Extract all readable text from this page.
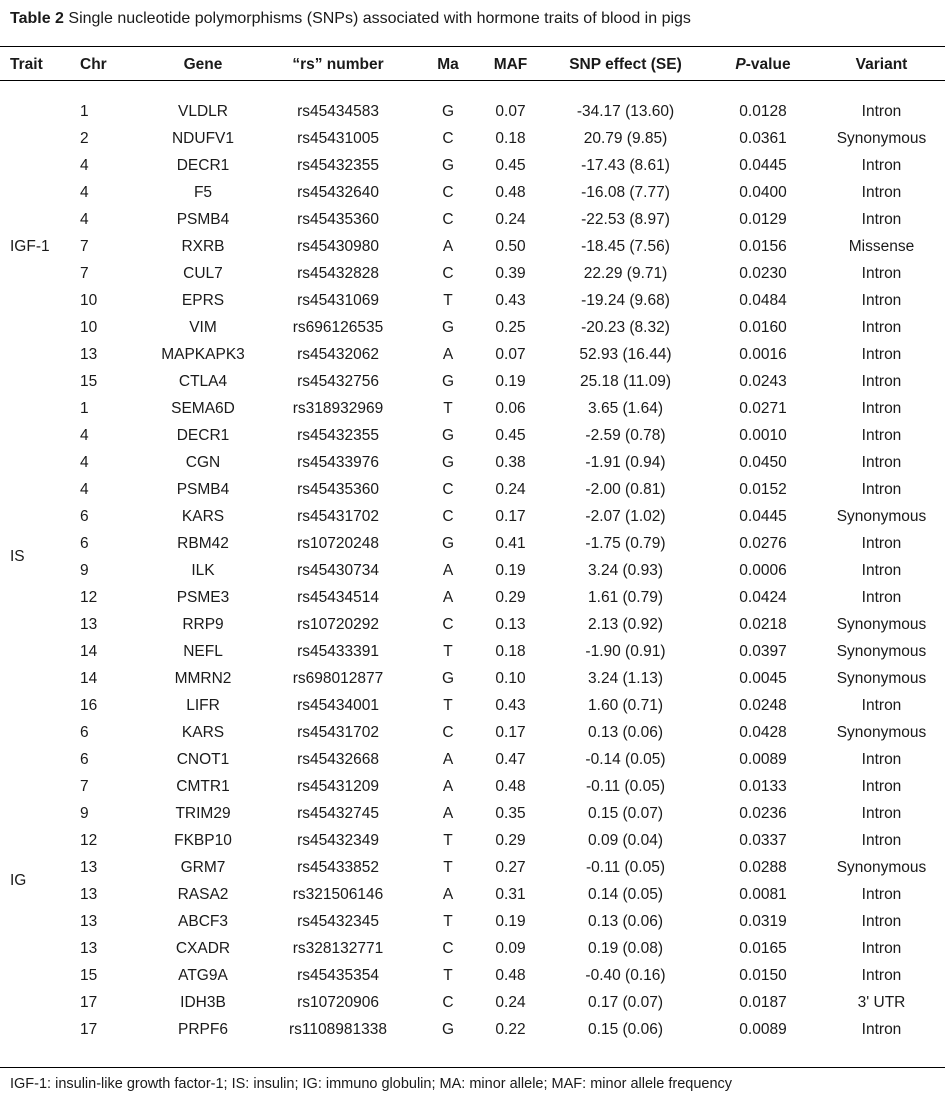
Table 2 Single nucleotide polymorphisms (SNPs) associated with hormone traits of blood in pigs
Trait	Chr	Gene	“rs” number	Ma	MAF	SNP effect (SE)	P-value	Variant

IGF-1	1	VLDLR	rs45434583	G	0.07	-34.17 (13.60)	0.0128	Intron
	2	NDUFV1	rs45431005	C	0.18	20.79 (9.85)	0.0361	Synonymous
	4	DECR1	rs45432355	G	0.45	-17.43 (8.61)	0.0445	Intron
	4	F5	rs45432640	C	0.48	-16.08 (7.77)	0.0400	Intron
	4	PSMB4	rs45435360	C	0.24	-22.53 (8.97)	0.0129	Intron
	7	RXRB	rs45430980	A	0.50	-18.45 (7.56)	0.0156	Missense
	7	CUL7	rs45432828	C	0.39	22.29 (9.71)	0.0230	Intron
	10	EPRS	rs45431069	T	0.43	-19.24 (9.68)	0.0484	Intron
	10	VIM	rs696126535	G	0.25	-20.23 (8.32)	0.0160	Intron
	13	MAPKAPK3	rs45432062	A	0.07	52.93 (16.44)	0.0016	Intron
	15	CTLA4	rs45432756	G	0.19	25.18 (11.09)	0.0243	Intron
IS	1	SEMA6D	rs318932969	T	0.06	3.65 (1.64)	0.0271	Intron
	4	DECR1	rs45432355	G	0.45	-2.59 (0.78)	0.0010	Intron
	4	CGN	rs45433976	G	0.38	-1.91 (0.94)	0.0450	Intron
	4	PSMB4	rs45435360	C	0.24	-2.00 (0.81)	0.0152	Intron
	6	KARS	rs45431702	C	0.17	-2.07 (1.02)	0.0445	Synonymous
	6	RBM42	rs10720248	G	0.41	-1.75 (0.79)	0.0276	Intron
	9	ILK	rs45430734	A	0.19	3.24 (0.93)	0.0006	Intron
	12	PSME3	rs45434514	A	0.29	1.61 (0.79)	0.0424	Intron
	13	RRP9	rs10720292	C	0.13	2.13 (0.92)	0.0218	Synonymous
	14	NEFL	rs45433391	T	0.18	-1.90 (0.91)	0.0397	Synonymous
	14	MMRN2	rs698012877	G	0.10	3.24 (1.13)	0.0045	Synonymous
	16	LIFR	rs45434001	T	0.43	1.60 (0.71)	0.0248	Intron
IG	6	KARS	rs45431702	C	0.17	0.13 (0.06)	0.0428	Synonymous
	6	CNOT1	rs45432668	A	0.47	-0.14 (0.05)	0.0089	Intron
	7	CMTR1	rs45431209	A	0.48	-0.11 (0.05)	0.0133	Intron
	9	TRIM29	rs45432745	A	0.35	0.15 (0.07)	0.0236	Intron
	12	FKBP10	rs45432349	T	0.29	0.09 (0.04)	0.0337	Intron
	13	GRM7	rs45433852	T	0.27	-0.11 (0.05)	0.0288	Synonymous
	13	RASA2	rs321506146	A	0.31	0.14 (0.05)	0.0081	Intron
	13	ABCF3	rs45432345	T	0.19	0.13 (0.06)	0.0319	Intron
	13	CXADR	rs328132771	C	0.09	0.19 (0.08)	0.0165	Intron
	15	ATG9A	rs45435354	T	0.48	-0.40 (0.16)	0.0150	Intron
	17	IDH3B	rs10720906	C	0.24	0.17 (0.07)	0.0187	3' UTR
	17	PRPF6	rs1108981338	G	0.22	0.15 (0.06)	0.0089	Intron
IGF-1: insulin-like growth factor-1; IS: insulin; IG: immuno globulin; MA: minor allele; MAF: minor allele frequency
